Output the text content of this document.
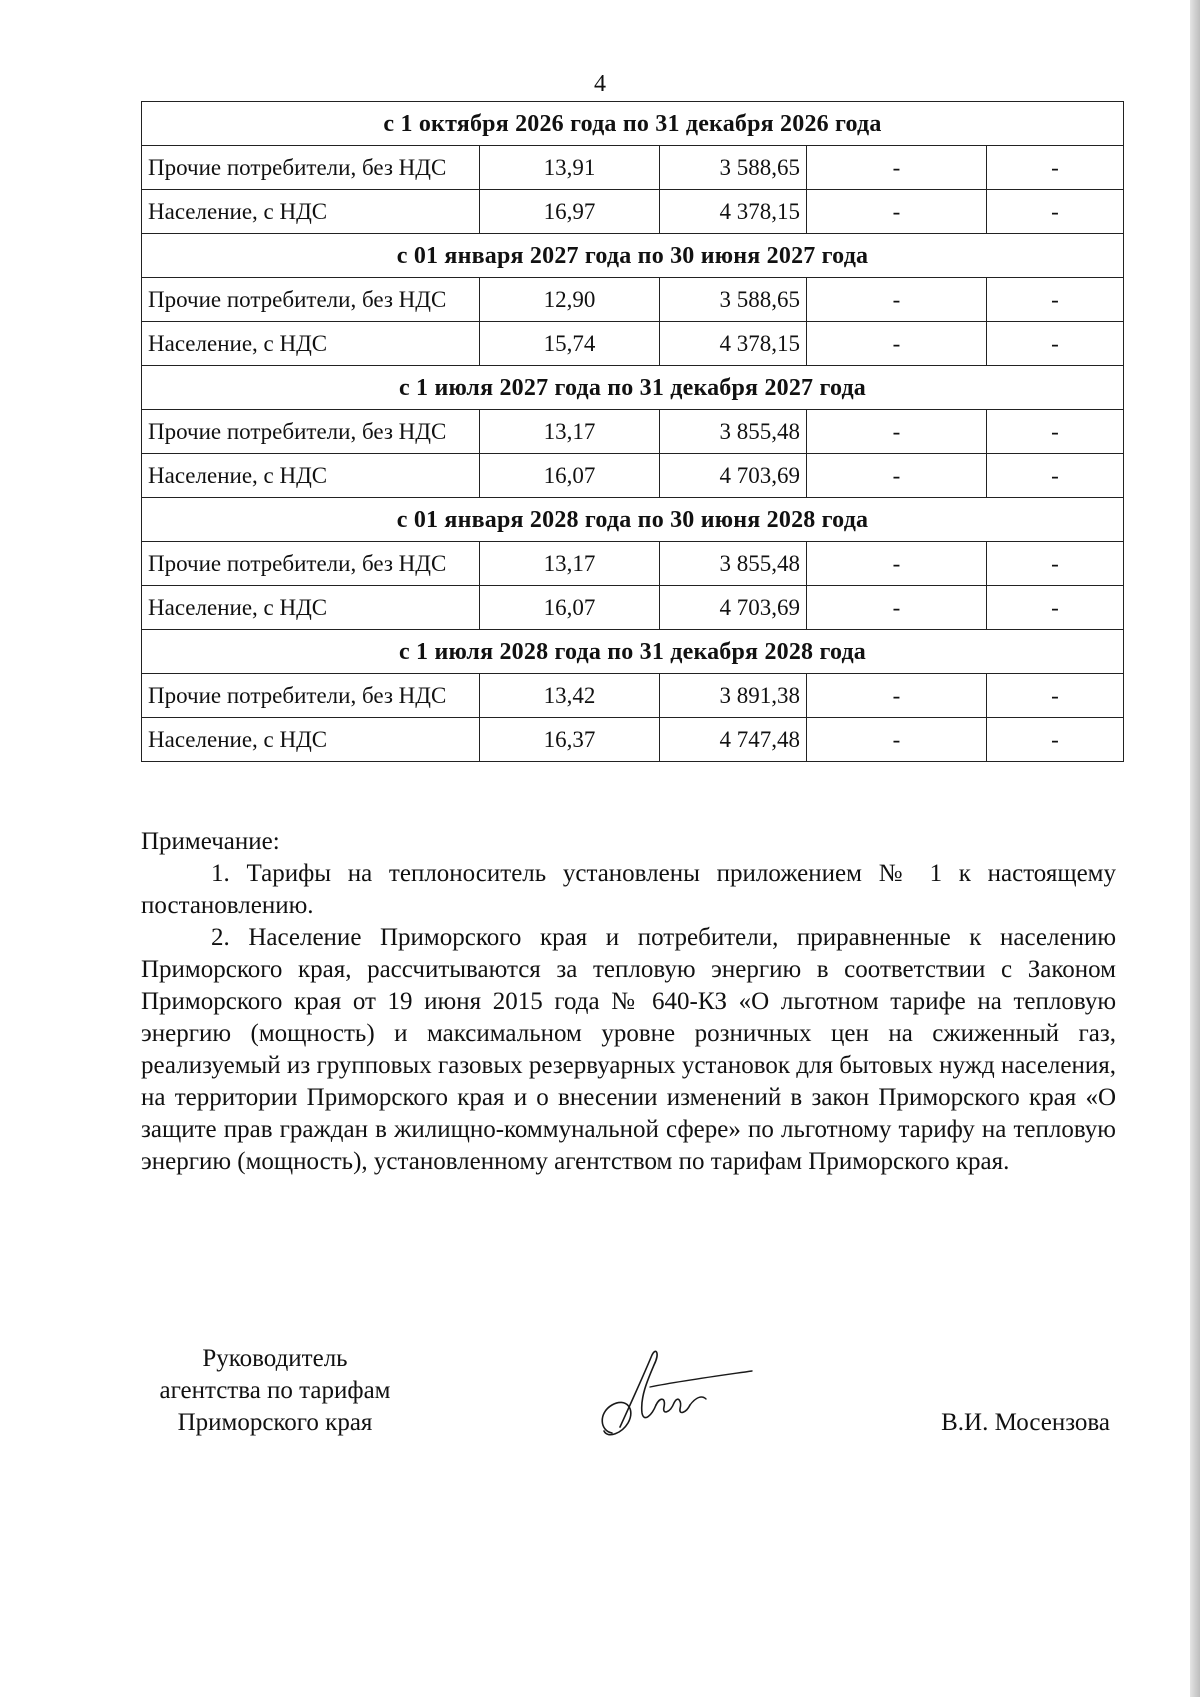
4
с 1 октября 2026 года по 31 декабря 2026 года				
Прочие потребители, без НДС	13,91	3 588,65	-	-
Население, с НДС	16,97	4 378,15	-	-
с 01 января 2027 года по 30 июня 2027 года				
Прочие потребители, без НДС	12,90	3 588,65	-	-
Население, с НДС	15,74	4 378,15	-	-
с 1 июля 2027 года по 31 декабря 2027 года				
Прочие потребители, без НДС	13,17	3 855,48	-	-
Население, с НДС	16,07	4 703,69	-	-
с 01 января 2028 года по 30 июня 2028 года				
Прочие потребители, без НДС	13,17	3 855,48	-	-
Население, с НДС	16,07	4 703,69	-	-
с 1 июля 2028 года по 31 декабря 2028 года				
Прочие потребители, без НДС	13,42	3 891,38	-	-
Население, с НДС	16,37	4 747,48	-	-

Примечание:

1. Тарифы на теплоноситель установлены приложением № 1 к настоящему постановлению.

2. Население Приморского края и потребители, приравненные к населению Приморского края, рассчитываются за тепловую энергию в соответствии с Законом Приморского края от 19 июня 2015 года № 640-КЗ «О льготном тарифе на тепловую энергию (мощность) и максимальном уровне розничных цен на сжиженный газ, реализуемый из групповых газовых резервуарных установок для бытовых нужд населения, на территории Приморского края и о внесении изменений в закон Приморского края «О защите прав граждан в жилищно-коммунальной сфере» по льготному тарифу на тепловую энергию (мощность), установленному агентством по тарифам Приморского края.

Руководитель
агентства по тарифам
Приморского края	В.И. Мосензова
